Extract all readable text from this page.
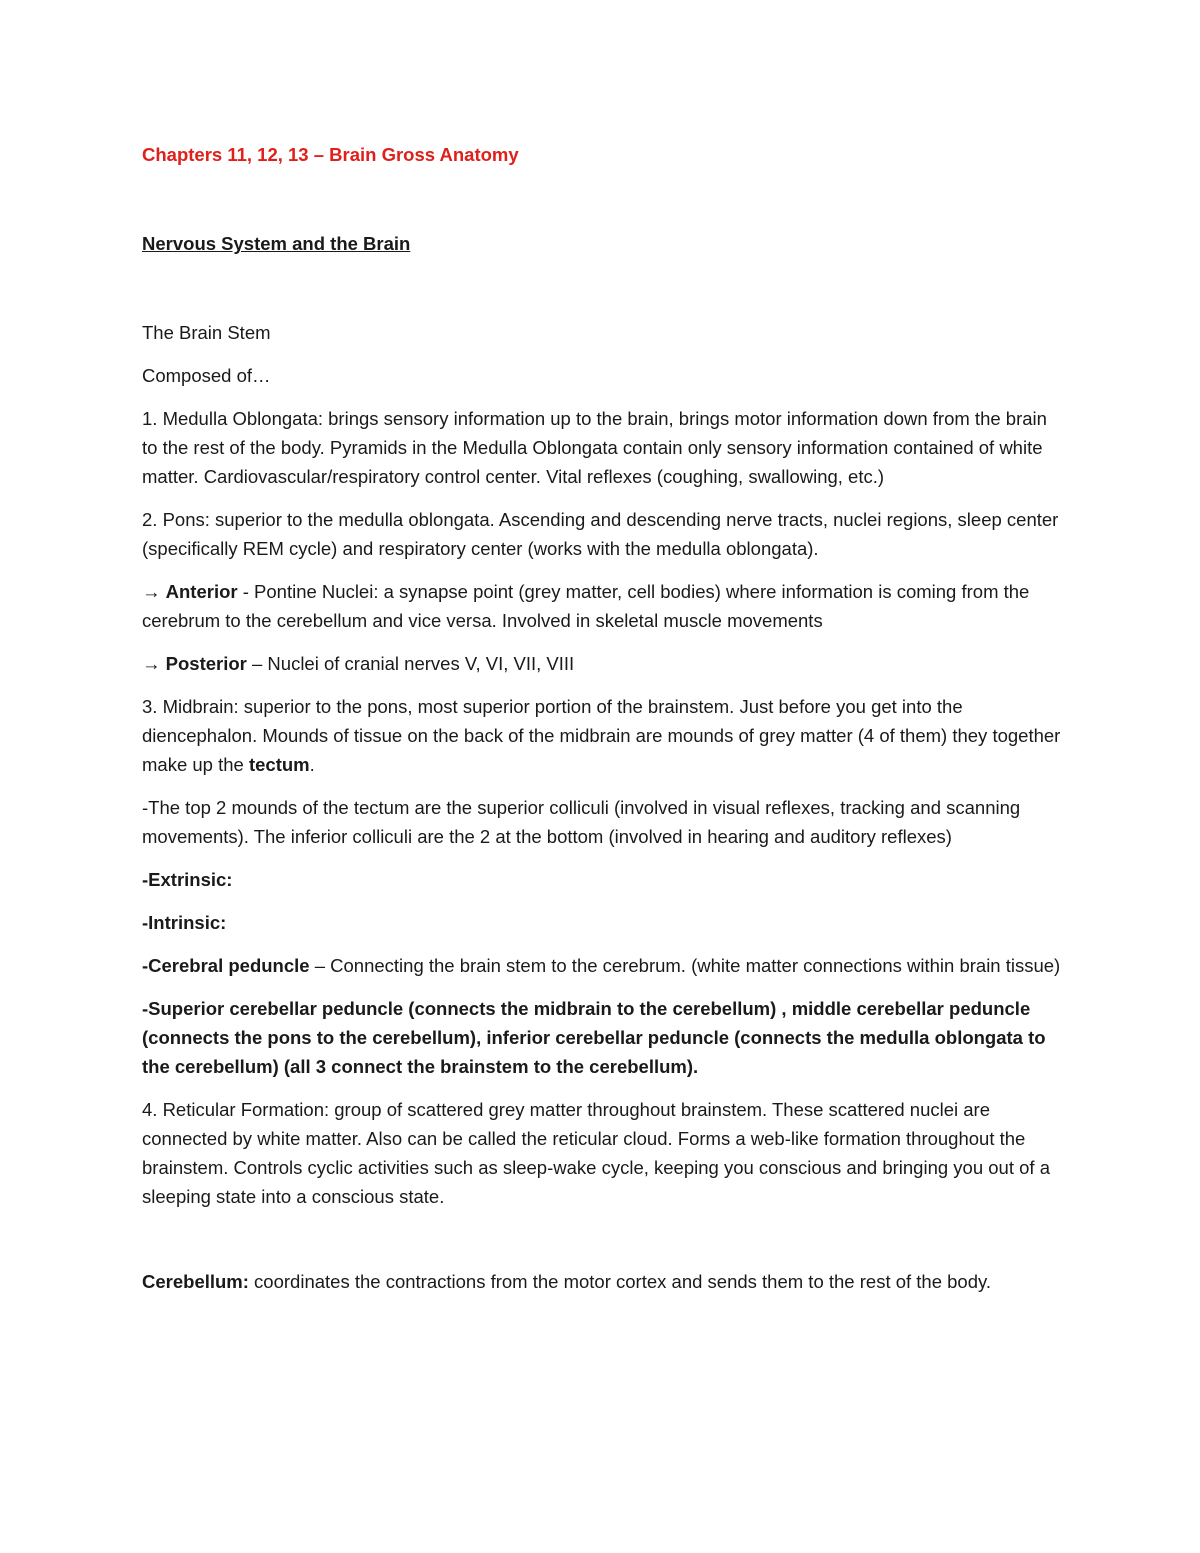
Chapters 11, 12, 13 – Brain Gross Anatomy

Nervous System and the Brain

The Brain Stem

Composed of…

1. Medulla Oblongata: brings sensory information up to the brain, brings motor information down from the brain to the rest of the body. Pyramids in the Medulla Oblongata contain only sensory information contained of white matter. Cardiovascular/respiratory control center. Vital reflexes (coughing, swallowing, etc.)

2. Pons: superior to the medulla oblongata. Ascending and descending nerve tracts, nuclei regions, sleep center (specifically REM cycle) and respiratory center (works with the medulla oblongata).

→ Anterior - Pontine Nuclei: a synapse point (grey matter, cell bodies) where information is coming from the cerebrum to the cerebellum and vice versa. Involved in skeletal muscle movements

→ Posterior – Nuclei of cranial nerves V, VI, VII, VIII

3. Midbrain: superior to the pons, most superior portion of the brainstem. Just before you get into the diencephalon. Mounds of tissue on the back of the midbrain are mounds of grey matter (4 of them) they together make up the tectum.

-The top 2 mounds of the tectum are the superior colliculi (involved in visual reflexes, tracking and scanning movements). The inferior colliculi are the 2 at the bottom (involved in hearing and auditory reflexes)

-Extrinsic:

-Intrinsic:

-Cerebral peduncle – Connecting the brain stem to the cerebrum. (white matter connections within brain tissue)

-Superior cerebellar peduncle (connects the midbrain to the cerebellum) , middle cerebellar peduncle (connects the pons to the cerebellum), inferior cerebellar peduncle (connects the medulla oblongata to the cerebellum) (all 3 connect the brainstem to the cerebellum).

4. Reticular Formation: group of scattered grey matter throughout brainstem. These scattered nuclei are connected by white matter. Also can be called the reticular cloud. Forms a web-like formation throughout the brainstem. Controls cyclic activities such as sleep-wake cycle, keeping you conscious and bringing you out of a sleeping state into a conscious state.

Cerebellum: coordinates the contractions from the motor cortex and sends them to the rest of the body.
